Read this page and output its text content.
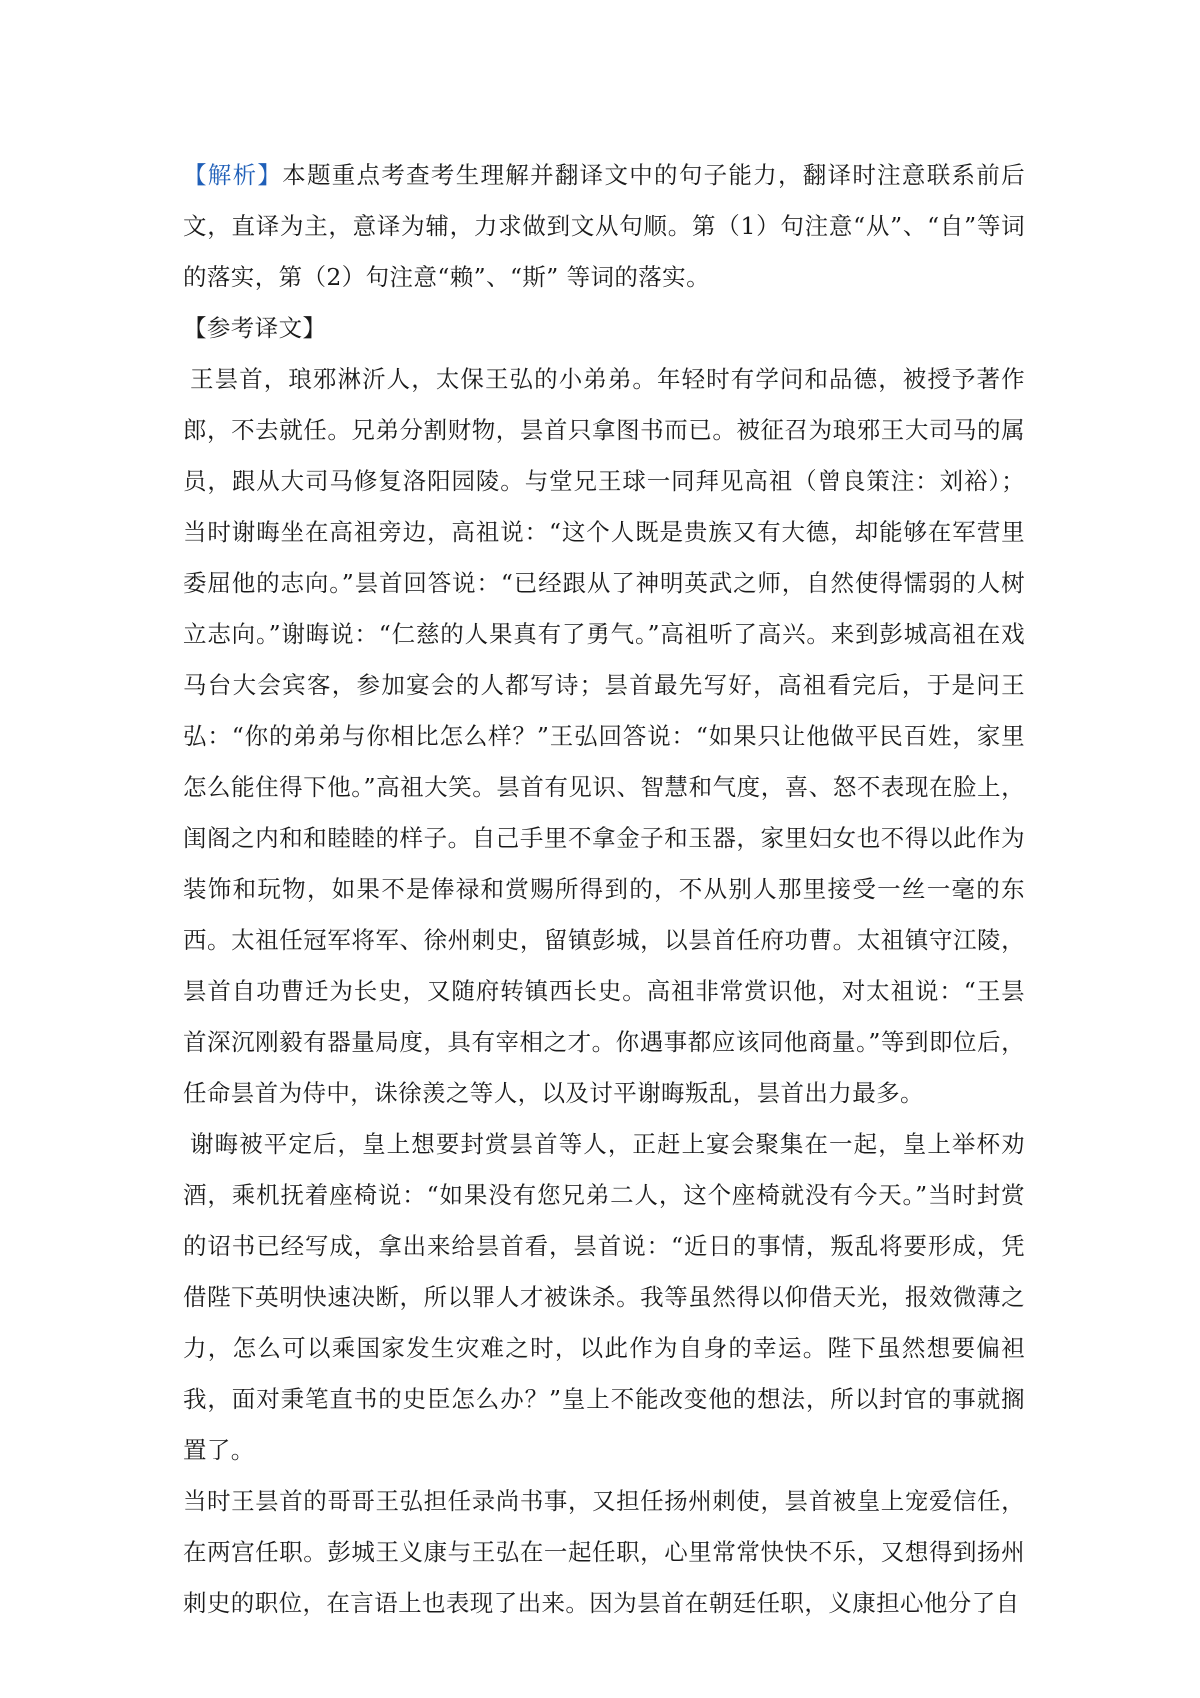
【解析】本题重点考查考生理解并翻译文中的句子能力，翻译时注意联系前后文，直译为主，意译为辅，力求做到文从句顺。第（1）句注意“从”、“自”等词的落实，第（2）句注意“赖”、“斯” 等词的落实。

【参考译文】

王昙首，琅邪淋沂人，太保王弘的小弟弟。年轻时有学问和品德，被授予著作郎，不去就任。兄弟分割财物，昙首只拿图书而已。被征召为琅邪王大司马的属员，跟从大司马修复洛阳园陵。与堂兄王球一同拜见高祖（曾良策注：刘裕）；当时谢晦坐在高祖旁边，高祖说：“这个人既是贵族又有大德，却能够在军营里委屈他的志向。”昙首回答说：“已经跟从了神明英武之师，自然使得懦弱的人树立志向。”谢晦说：“仁慈的人果真有了勇气。”高祖听了高兴。来到彭城高祖在戏马台大会宾客，参加宴会的人都写诗；昙首最先写好，高祖看完后，于是问王弘：“你的弟弟与你相比怎么样？”王弘回答说：“如果只让他做平民百姓，家里怎么能住得下他。”高祖大笑。昙首有见识、智慧和气度，喜、怒不表现在脸上，闺阁之内和和睦睦的样子。自己手里不拿金子和玉器，家里妇女也不得以此作为装饰和玩物，如果不是俸禄和赏赐所得到的，不从别人那里接受一丝一毫的东西。太祖任冠军将军、徐州刺史，留镇彭城，以昙首任府功曹。太祖镇守江陵，昙首自功曹迁为长史，又随府转镇西长史。高祖非常赏识他，对太祖说：“王昙首深沉刚毅有器量局度，具有宰相之才。你遇事都应该同他商量。”等到即位后，任命昙首为侍中，诛徐羡之等人，以及讨平谢晦叛乱，昙首出力最多。

谢晦被平定后，皇上想要封赏昙首等人，正赶上宴会聚集在一起，皇上举杯劝酒，乘机抚着座椅说：“如果没有您兄弟二人，这个座椅就没有今天。”当时封赏的诏书已经写成，拿出来给昙首看，昙首说：“近日的事情，叛乱将要形成，凭借陛下英明快速决断，所以罪人才被诛杀。我等虽然得以仰借天光，报效微薄之力，怎么可以乘国家发生灾难之时，以此作为自身的幸运。陛下虽然想要偏袒我，面对秉笔直书的史臣怎么办？”皇上不能改变他的想法，所以封官的事就搁置了。

当时王昙首的哥哥王弘担任录尚书事，又担任扬州刺使，昙首被皇上宠爱信任，在两宫任职。彭城王义康与王弘在一起任职，心里常常快快不乐，又想得到扬州刺史的职位，在言语上也表现了出来。因为昙首在朝廷任职，义康担心他分了自
